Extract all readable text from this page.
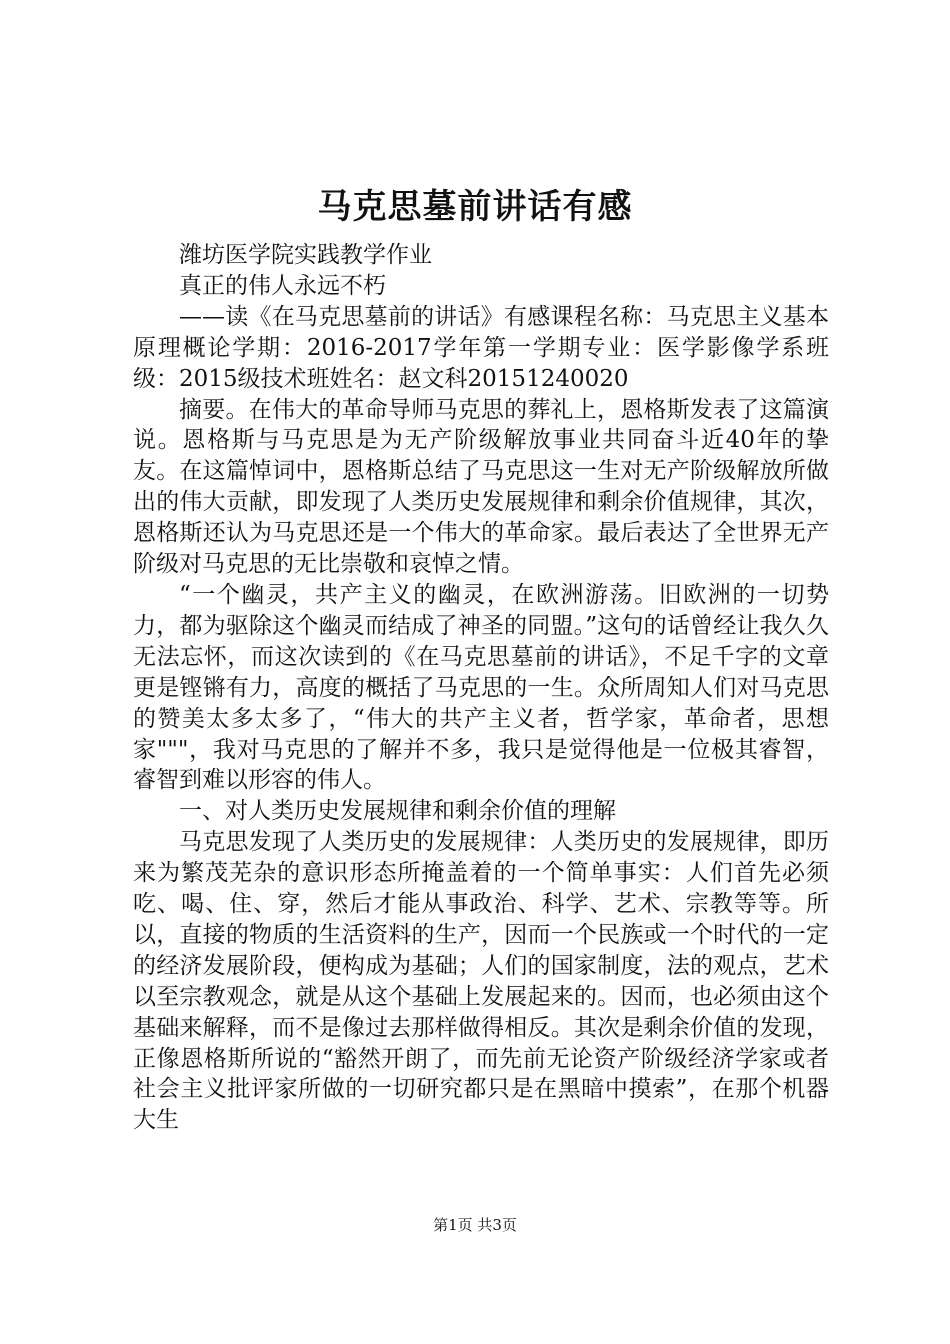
马克思墓前讲话有感

潍坊医学院实践教学作业

真正的伟人永远不朽

——读《在马克思墓前的讲话》有感课程名称：马克思主义基本原理概论学期：2016-2017学年第一学期专业：医学影像学系班级：2015级技术班姓名：赵文科20151240020

摘要。在伟大的革命导师马克思的葬礼上，恩格斯发表了这篇演说。恩格斯与马克思是为无产阶级解放事业共同奋斗近40年的挚友。在这篇悼词中，恩格斯总结了马克思这一生对无产阶级解放所做出的伟大贡献，即发现了人类历史发展规律和剩余价值规律，其次，恩格斯还认为马克思还是一个伟大的革命家。最后表达了全世界无产阶级对马克思的无比崇敬和哀悼之情。

“一个幽灵，共产主义的幽灵，在欧洲游荡。旧欧洲的一切势力，都为驱除这个幽灵而结成了神圣的同盟。”这句的话曾经让我久久无法忘怀，而这次读到的《在马克思墓前的讲话》，不足千字的文章更是铿锵有力，高度的概括了马克思的一生。众所周知人们对马克思的赞美太多太多了，“伟大的共产主义者，哲学家，革命者，思想家"""，我对马克思的了解并不多，我只是觉得他是一位极其睿智，睿智到难以形容的伟人。

一、对人类历史发展规律和剩余价值的理解

马克思发现了人类历史的发展规律：人类历史的发展规律，即历来为繁茂芜杂的意识形态所掩盖着的一个简单事实：人们首先必须吃、喝、住、穿，然后才能从事政治、科学、艺术、宗教等等。所以，直接的物质的生活资料的生产，因而一个民族或一个时代的一定的经济发展阶段，便构成为基础；人们的国家制度，法的观点，艺术以至宗教观念，就是从这个基础上发展起来的。因而，也必须由这个基础来解释，而不是像过去那样做得相反。其次是剩余价值的发现，正像恩格斯所说的“豁然开朗了，而先前无论资产阶级经济学家或者社会主义批评家所做的一切研究都只是在黑暗中摸索”，在那个机器大生

第1页 共3页
